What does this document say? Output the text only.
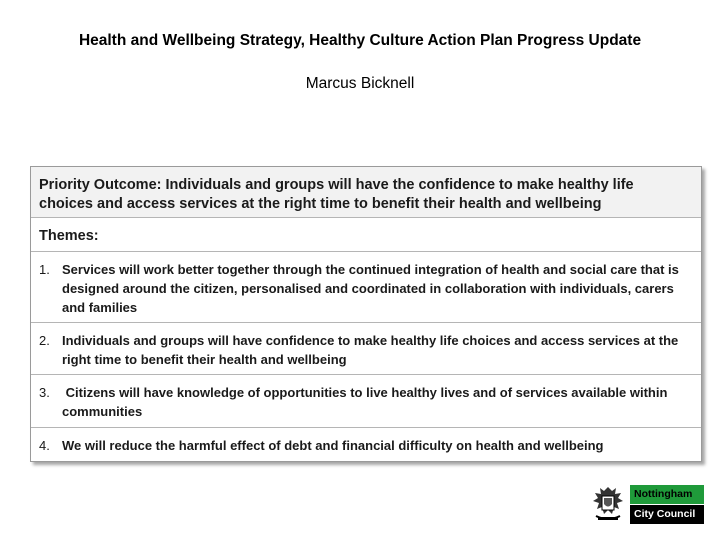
Health and Wellbeing Strategy, Healthy Culture Action Plan Progress Update
Marcus Bicknell
Priority Outcome: Individuals and groups will have the confidence to make healthy life choices and access services at the right time to benefit their health and wellbeing
Themes:
1. Services will work better together through the continued integration of health and social care that is designed around the citizen, personalised and coordinated in collaboration with individuals, carers and families
2. Individuals and groups will have confidence to make healthy life choices and access services at the right time to benefit their health and wellbeing
3. Citizens will have knowledge of opportunities to live healthy lives and of services available within communities
4. We will reduce the harmful effect of debt and financial difficulty on health and wellbeing
Nottingham
City Council
